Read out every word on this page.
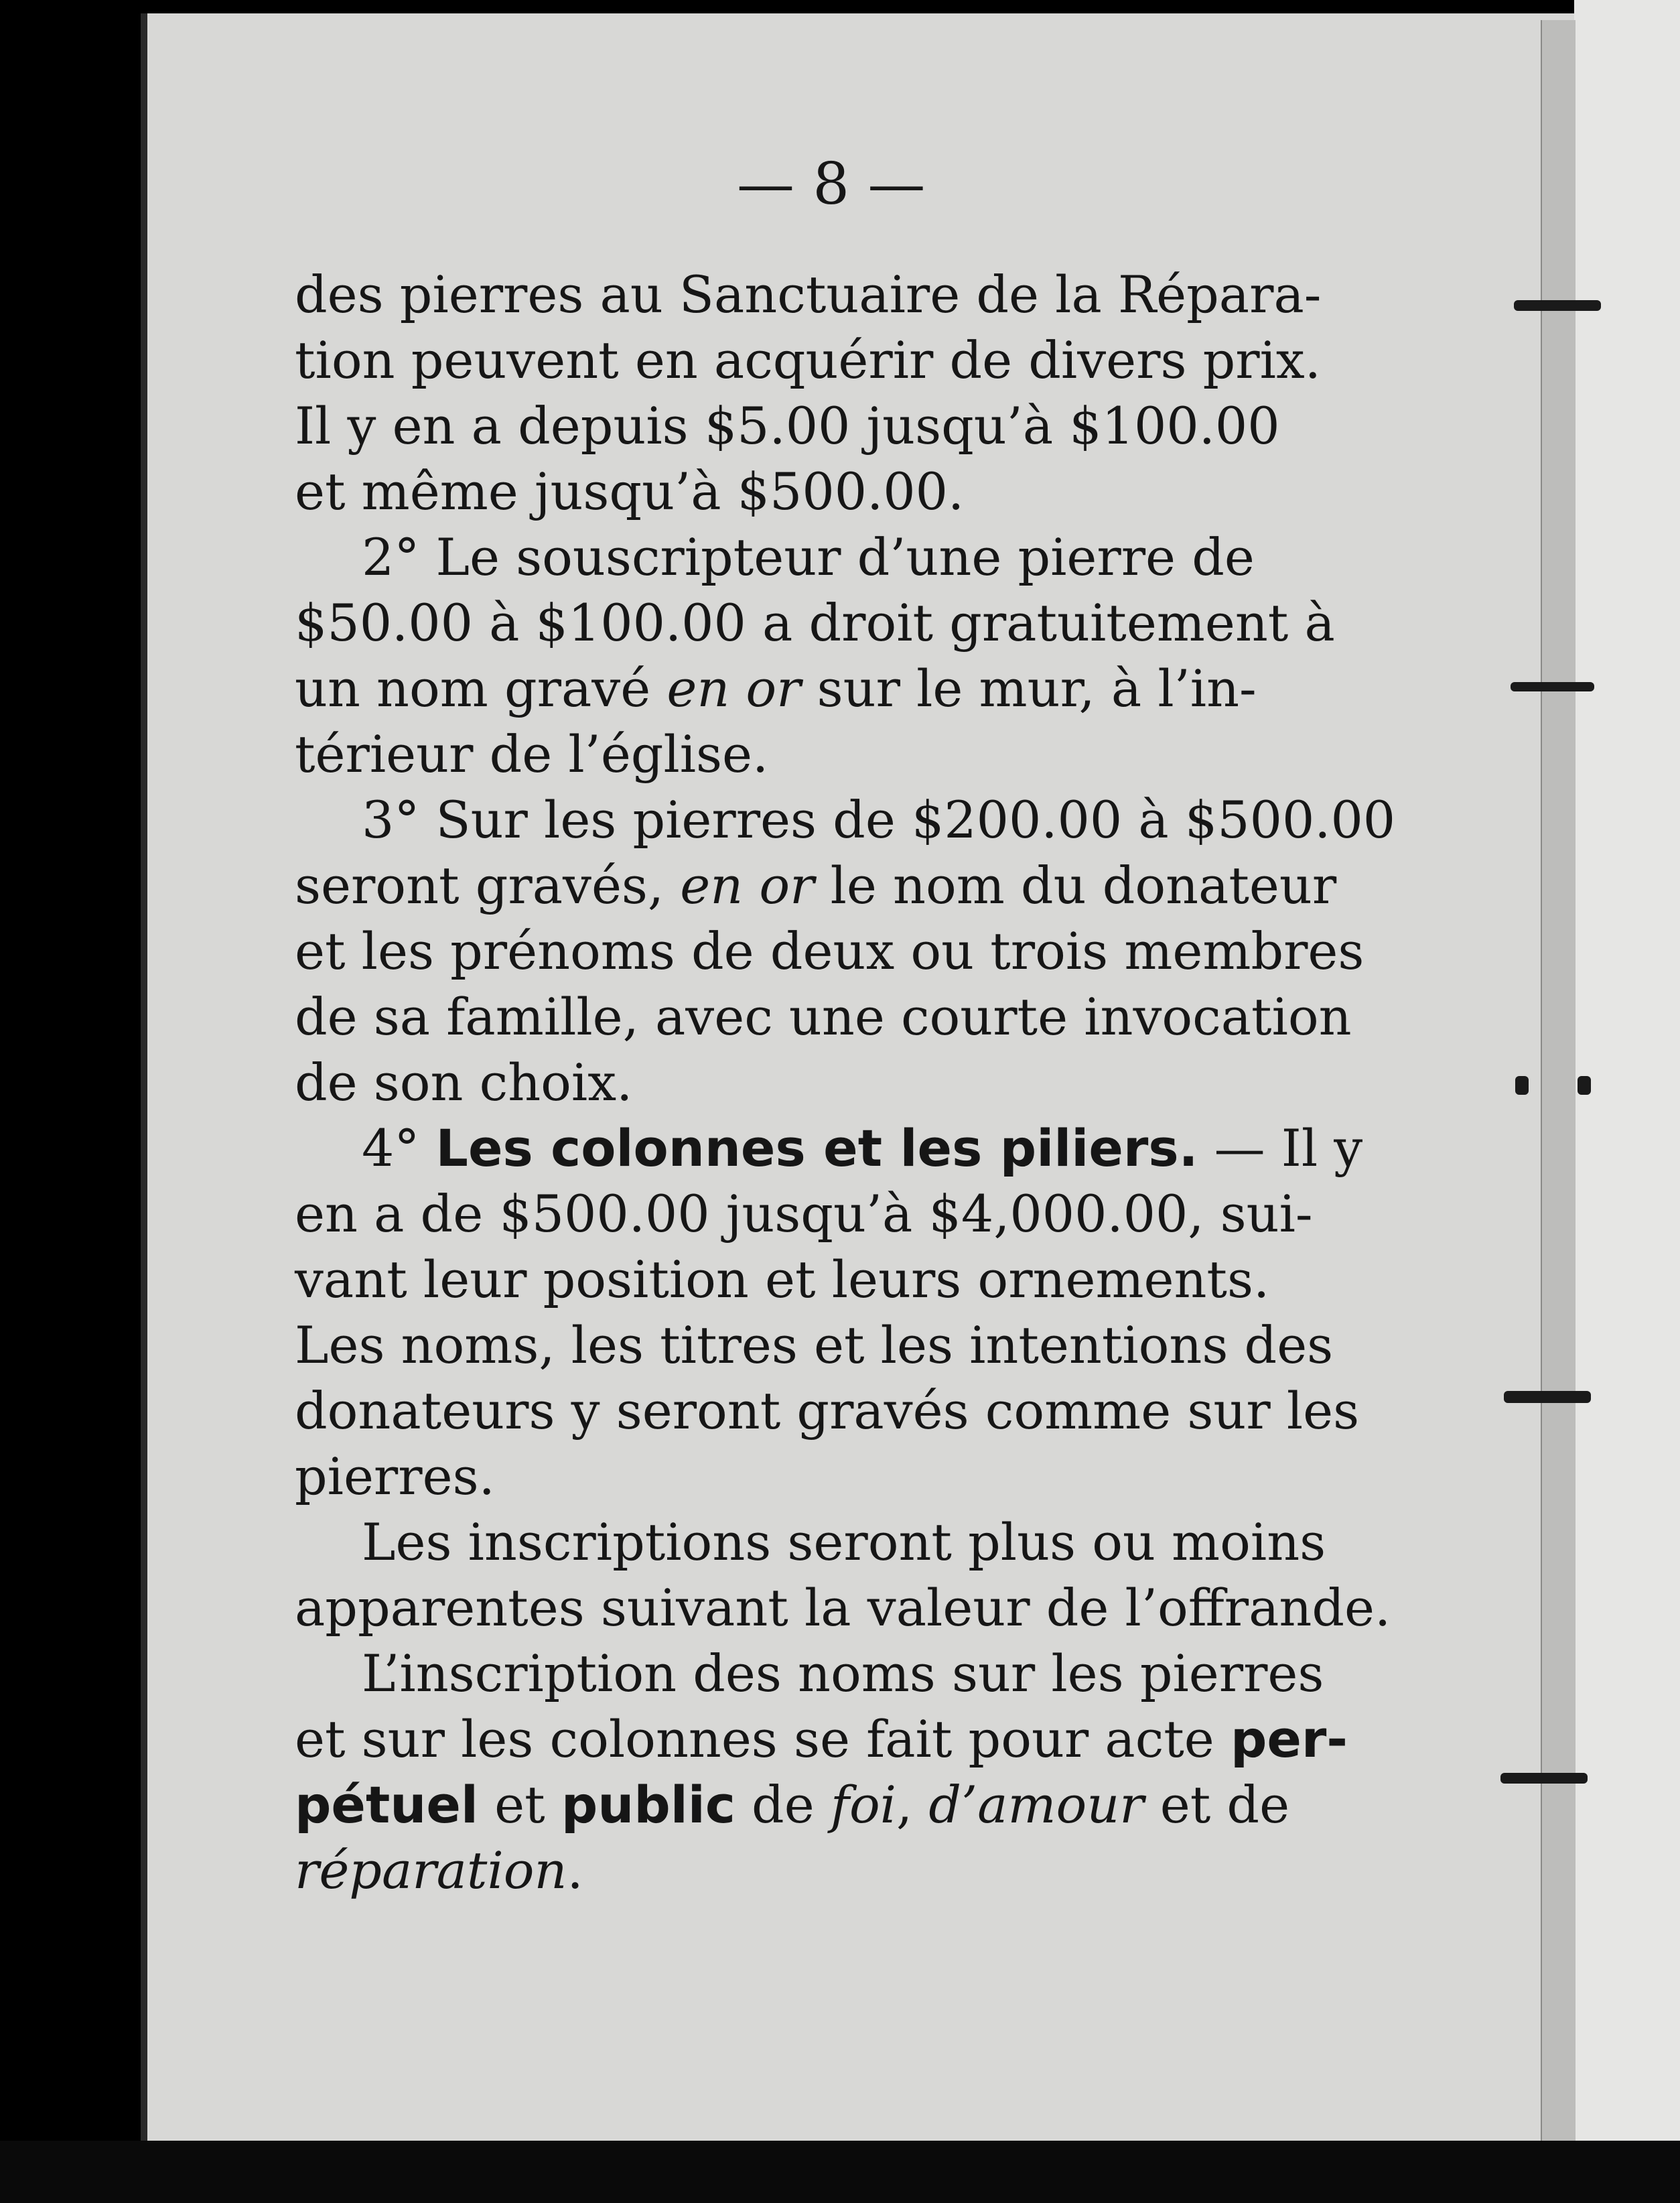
— 8 —
des pierres au Sanctuaire de la Répara-
tion peuvent en acquérir de divers prix.
Il y en a depuis $5.00 jusqu’à $100.00
et même jusqu’à $500.00.
2° Le souscripteur d’une pierre de
$50.00 à $100.00 a droit gratuitement à
un nom gravé en or sur le mur, à l’in-
térieur de l’église.
3° Sur les pierres de $200.00 à $500.00
seront gravés, en or le nom du donateur
et les prénoms de deux ou trois membres
de sa famille, avec une courte invocation
de son choix.
4° Les colonnes et les piliers. — Il y
en a de $500.00 jusqu’à $4,000.00, sui-
vant leur position et leurs ornements.
Les noms, les titres et les intentions des
donateurs y seront gravés comme sur les
pierres.
Les inscriptions seront plus ou moins
apparentes suivant la valeur de l’offrande.
L’inscription des noms sur les pierres
et sur les colonnes se fait pour acte per-
pétuel et public de foi , d’amour et de
réparation .
